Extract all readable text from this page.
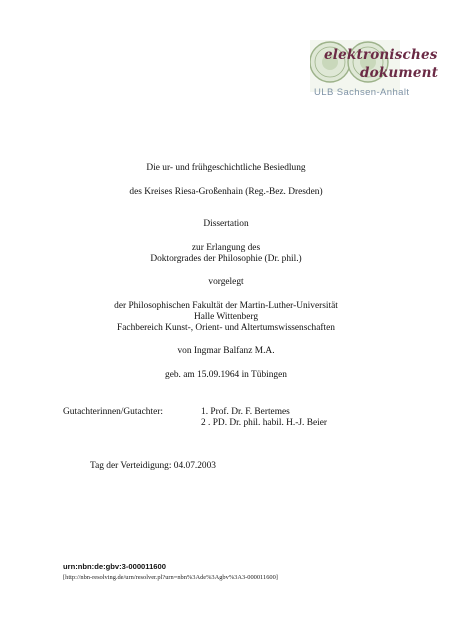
elektronisches
dokument
ULB Sachsen-Anhalt
Die ur- und frühgeschichtliche Besiedlung
des Kreises Riesa-Großenhain (Reg.-Bez. Dresden)
Dissertation
zur Erlangung des
Doktorgrades der Philosophie (Dr. phil.)
vorgelegt
der Philosophischen Fakultät der Martin-Luther-Universität
Halle Wittenberg
Fachbereich Kunst-, Orient- und Altertumswissenschaften
von Ingmar Balfanz M.A.
geb. am 15.09.1964 in Tübingen
Gutachterinnen/Gutachter:	1. Prof. Dr. F. Bertemes
2 . PD. Dr. phil. habil. H.-J. Beier
Tag der Verteidigung: 04.07.2003
urn:nbn:de:gbv:3-000011600
[http://nbn-resolving.de/urn/resolver.pl?urn=nbn%3Ade%3Agbv%3A3-000011600]
